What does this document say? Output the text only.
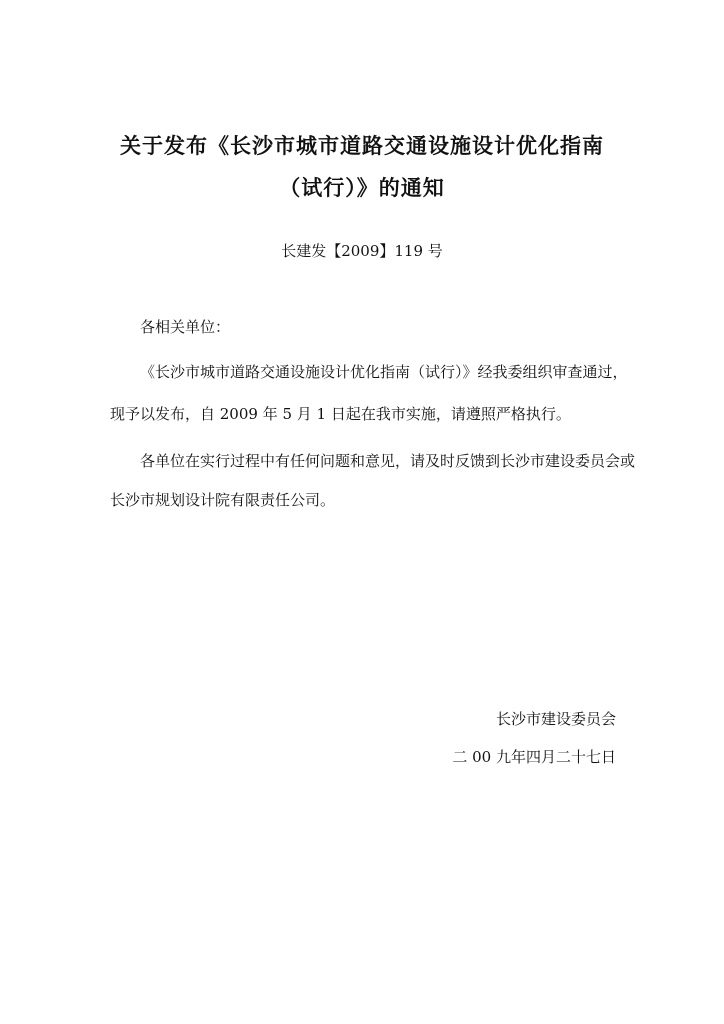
关于发布《长沙市城市道路交通设施设计优化指南
（试行）》的通知
长建发【2009】119 号
各相关单位：
《长沙市城市道路交通设施设计优化指南（试行）》经我委组织审查通过，
现予以发布，自 2009 年 5 月 1 日起在我市实施，请遵照严格执行。
各单位在实行过程中有任何问题和意见，请及时反馈到长沙市建设委员会或
长沙市规划设计院有限责任公司。
长沙市建设委员会
二 00 九年四月二十七日
